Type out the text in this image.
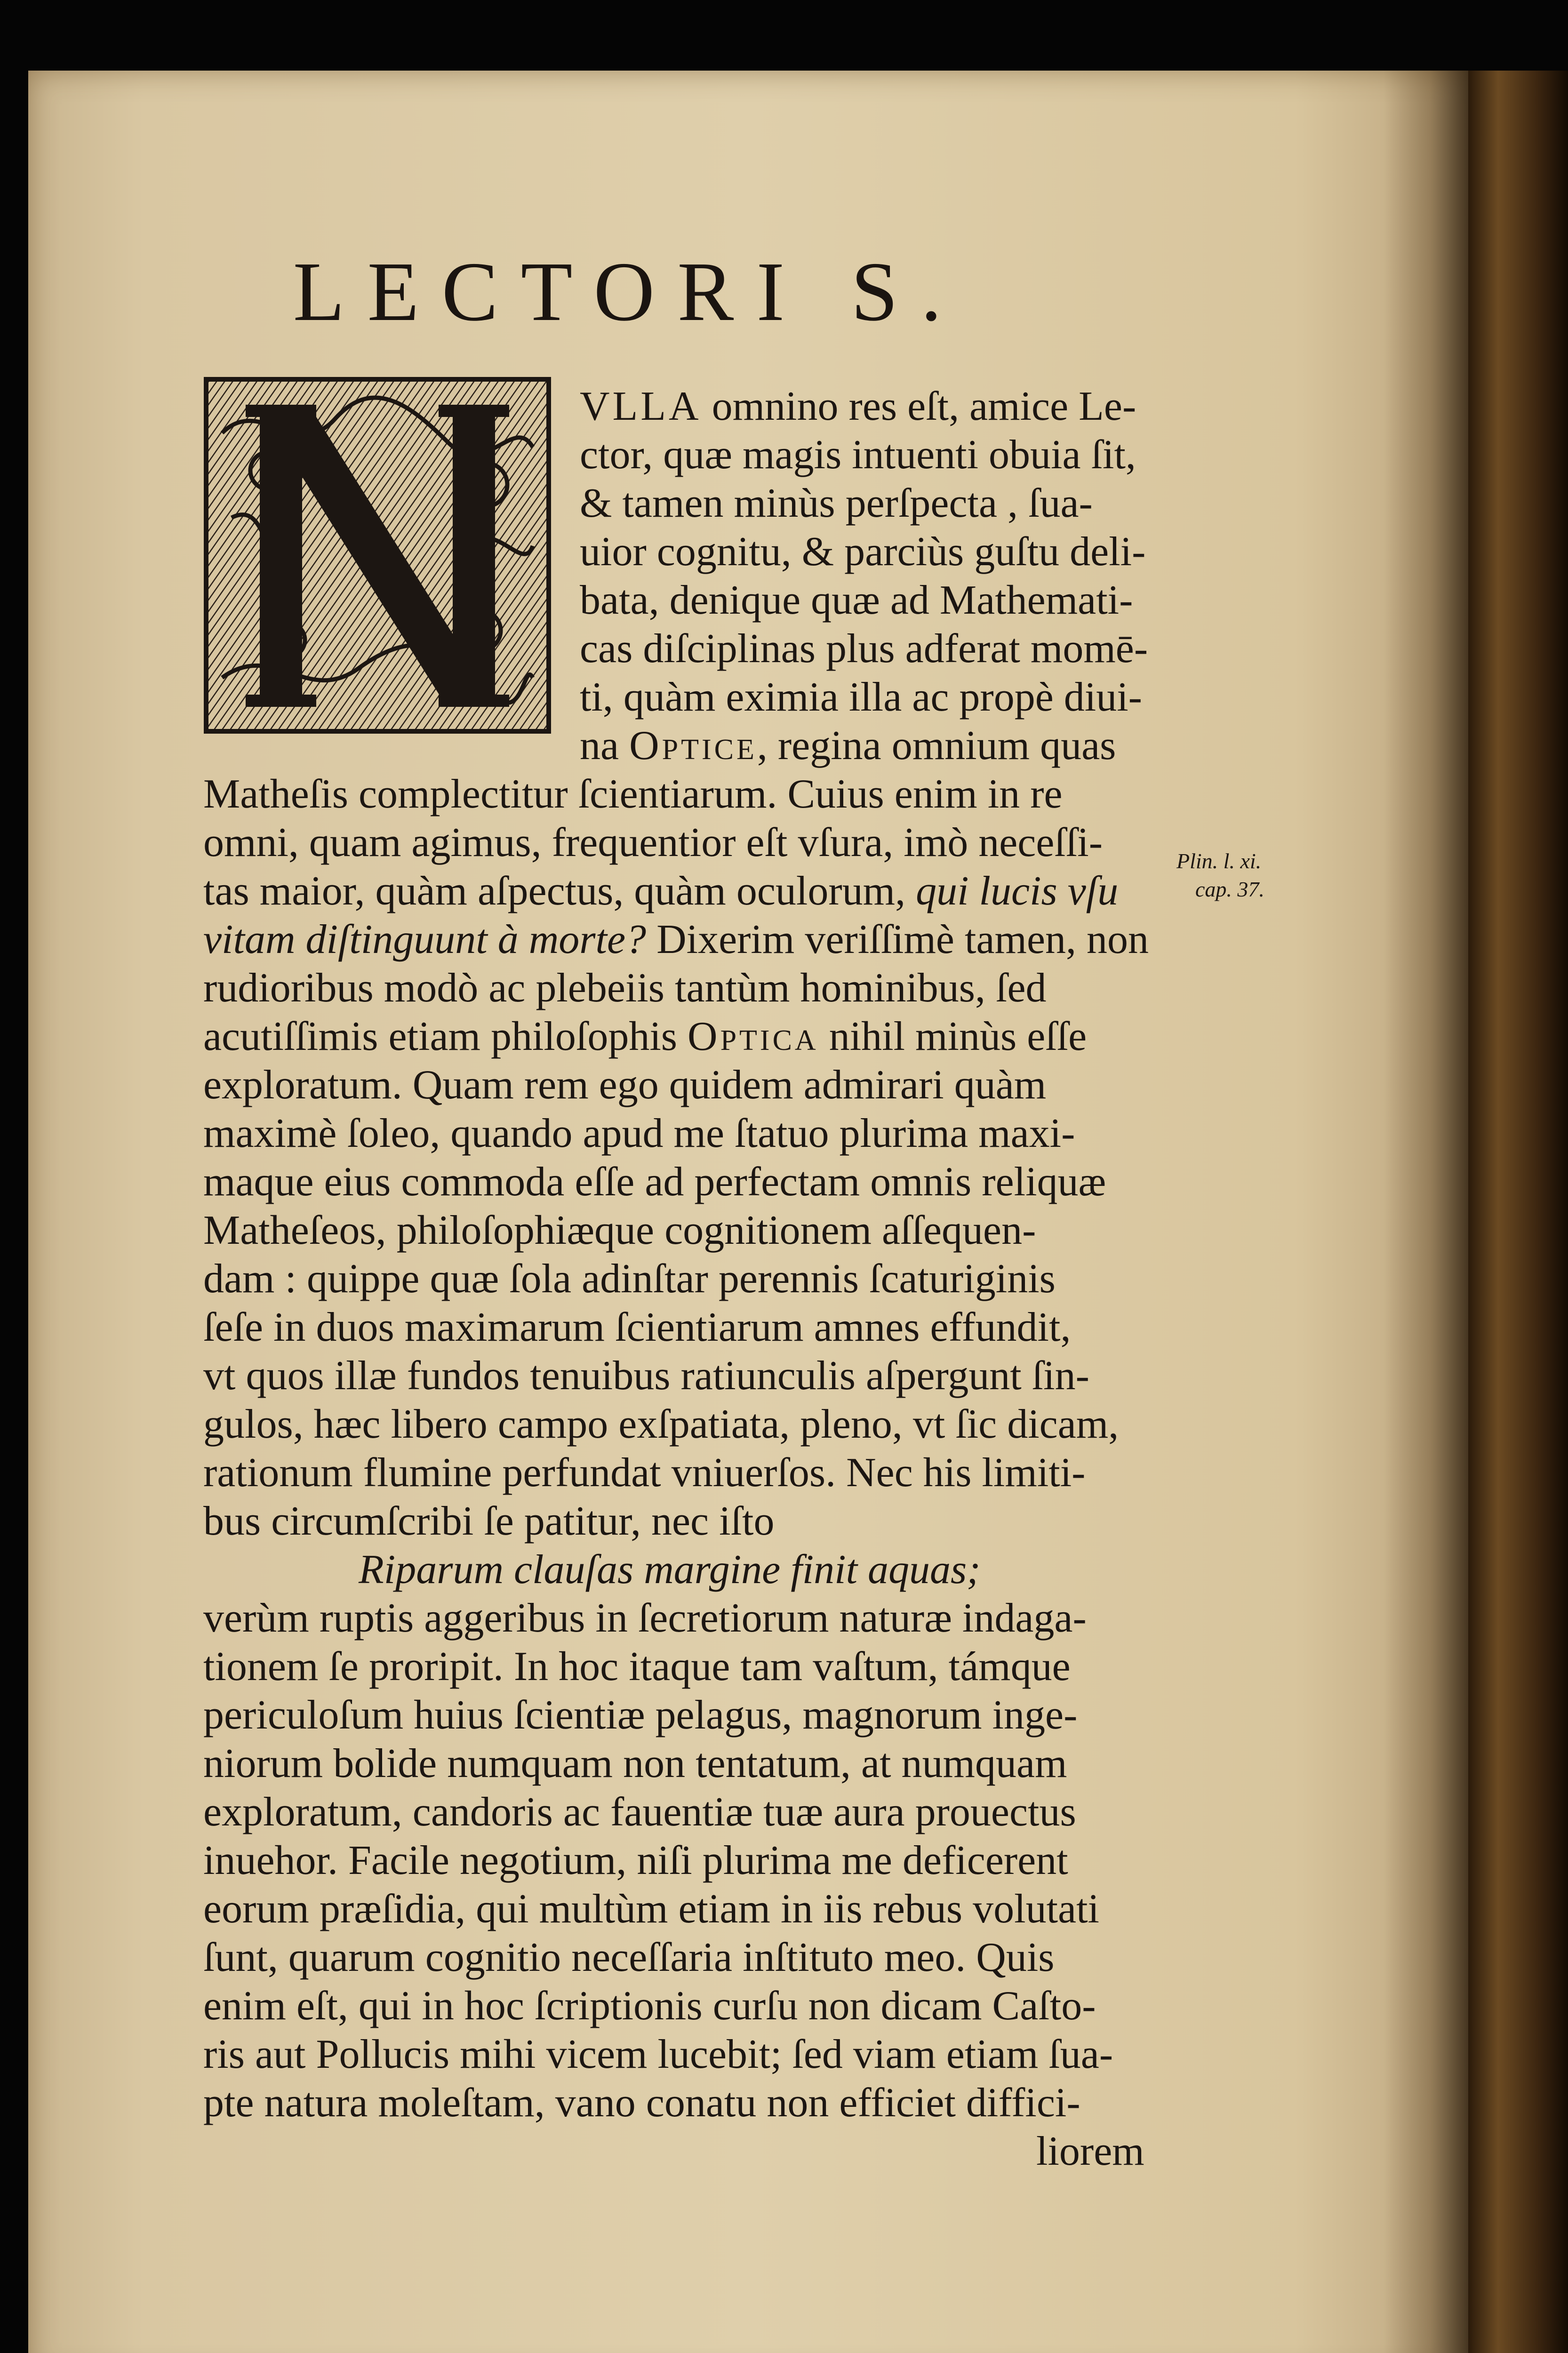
LECTORI S.
N
VLLA omnino res eſt, amice Le-
ctor, quæ magis intuenti obuia ſit,
& tamen minùs perſpecta , ſua-
uior cognitu, & parciùs guſtu deli-
bata, denique quæ ad Mathemati-
cas diſciplinas plus adferat momē-
ti, quàm eximia illa ac propè diui-
na Optice, regina omnium quas
Matheſis complectitur ſcientiarum. Cuius enim in re
omni, quam agimus, frequentior eſt vſura, imò neceſſi-
tas maior, quàm aſpectus, quàm oculorum, qui lucis vſu
vitam diſtinguunt à morte? Dixerim veriſſimè tamen, non
rudioribus modò ac plebeiis tantùm hominibus, ſed
acutiſſimis etiam philoſophis Optica nihil minùs eſſe
exploratum. Quam rem ego quidem admirari quàm
maximè ſoleo, quando apud me ſtatuo plurima maxi-
maque eius commoda eſſe ad perfectam omnis reliquæ
Matheſeos, philoſophiæque cognitionem aſſequen-
dam : quippe quæ ſola adinſtar perennis ſcaturiginis
ſeſe in duos maximarum ſcientiarum amnes effundit,
vt quos illæ fundos tenuibus ratiunculis aſpergunt ſin-
gulos, hæc libero campo exſpatiata, pleno, vt ſic dicam,
rationum flumine perfundat vniuerſos. Nec his limiti-
bus circumſcribi ſe patitur, nec iſto
Riparum clauſas margine finit aquas;
verùm ruptis aggeribus in ſecretiorum naturæ indaga-
tionem ſe proripit. In hoc itaque tam vaſtum, támque
periculoſum huius ſcientiæ pelagus, magnorum inge-
niorum bolide numquam non tentatum, at numquam
exploratum, candoris ac fauentiæ tuæ aura prouectus
inuehor. Facile negotium, niſi plurima me deficerent
eorum præſidia, qui multùm etiam in iis rebus volutati
ſunt, quarum cognitio neceſſaria inſtituto meo. Quis
enim eſt, qui in hoc ſcriptionis curſu non dicam Caſto-
ris aut Pollucis mihi vicem lucebit; ſed viam etiam ſua-
pte natura moleſtam, vano conatu non efficiet diffici-
liorem
Plin. l. xi.
cap. 37.
